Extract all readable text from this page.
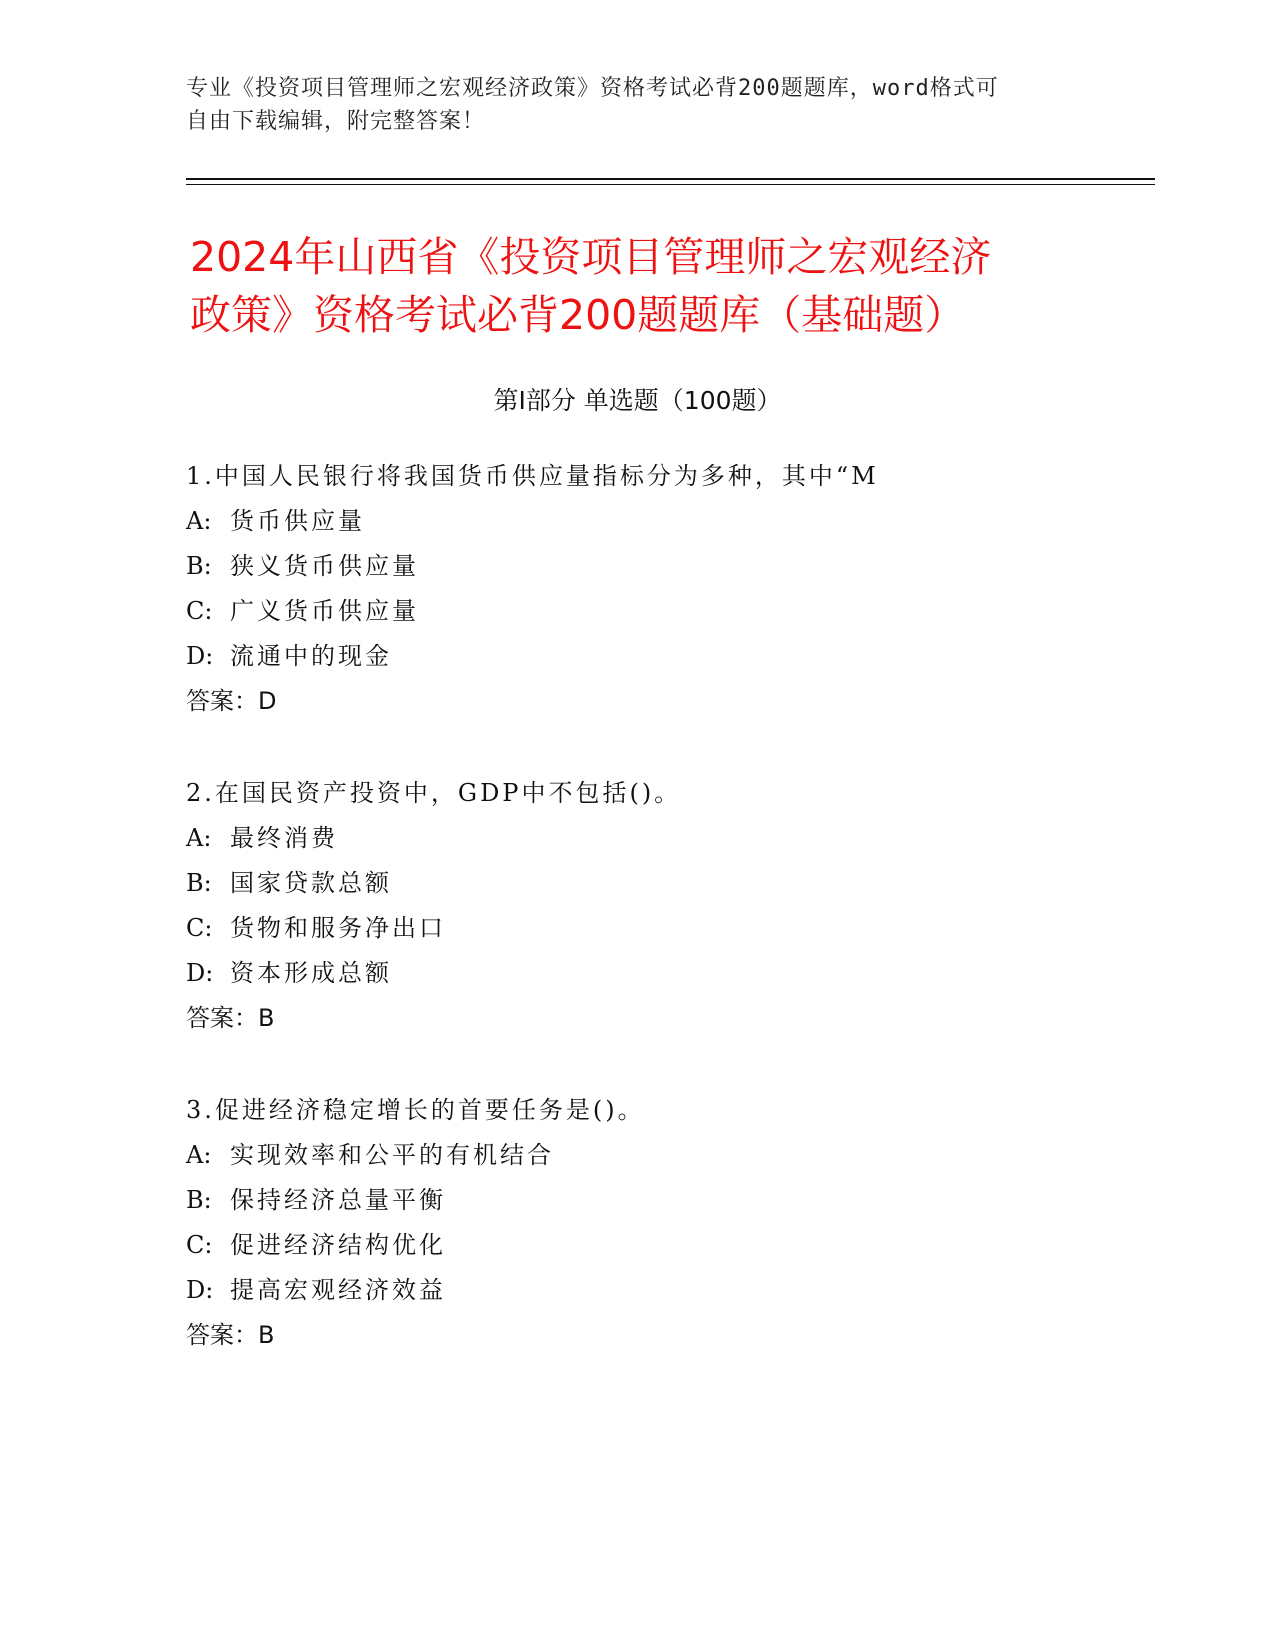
专业《投资项目管理师之宏观经济政策》资格考试必背200题题库，word格式可
自由下载编辑，附完整答案！
2024年山西省《投资项目管理师之宏观经济
政策》资格考试必背200题题库（基础题）
第Ⅰ部分 单选题（100题）
1.中国人民银行将我国货币供应量指标分为多种，其中“M
A: 货币供应量
B: 狭义货币供应量
C: 广义货币供应量
D: 流通中的现金
答案：D
2.在国民资产投资中，GDP中不包括()。
A: 最终消费
B: 国家贷款总额
C: 货物和服务净出口
D: 资本形成总额
答案：B
3.促进经济稳定增长的首要任务是()。
A: 实现效率和公平的有机结合
B: 保持经济总量平衡
C: 促进经济结构优化
D: 提高宏观经济效益
答案：B
